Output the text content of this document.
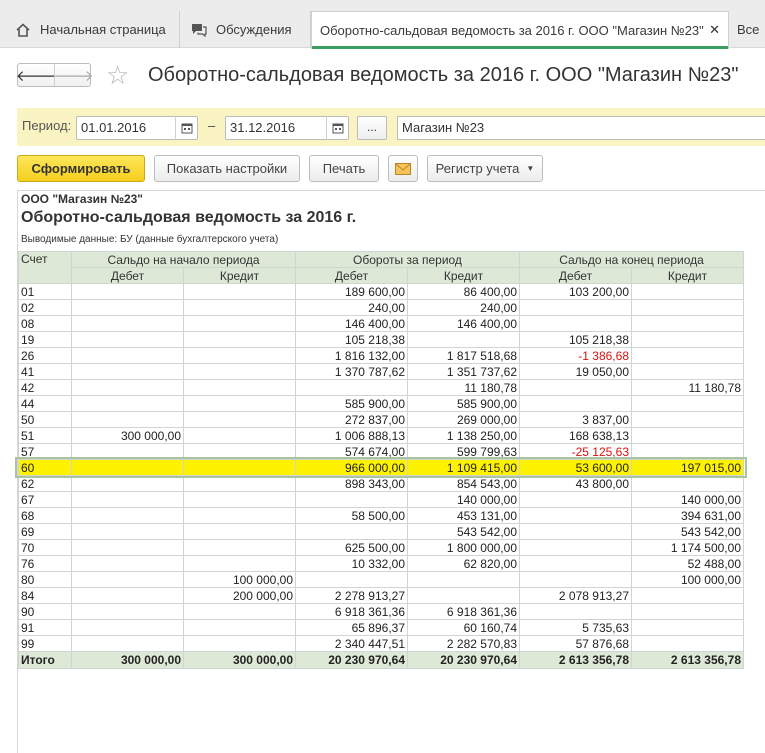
Начальная страница	Обсуждения Оборотно-сальдовая ведомость за 2016 г. ООО "Магазин №23" ✕ Все
🡐
🡒 ☆ Оборотно-сальдовая ведомость за 2016 г. ООО "Магазин №23"
Период: 01.01.2016	–	31.12.2016	...	Магазин №23
Сформировать	Показать настройки	Печать	Регистр учета ▼
ООО "Магазин №23"
Оборотно-сальдовая ведомость за 2016 г.
Выводимые данные: БУ (данные бухгалтерского учета)
Счет	Сальдо на начало периода		Обороты за период		Сальдо на конец периода	
	Дебет	Кредит	Дебет	Кредит	Дебет	Кредит
01			189 600,00	86 400,00	103 200,00	
02			240,00	240,00		
08			146 400,00	146 400,00		
19			105 218,38		105 218,38	
26			1 816 132,00	1 817 518,68	-1 386,68	
41			1 370 787,62	1 351 737,62	19 050,00	
42				11 180,78		11 180,78
44			585 900,00	585 900,00		
50			272 837,00	269 000,00	3 837,00	
51	300 000,00		1 006 888,13	1 138 250,00	168 638,13	
57			574 674,00	599 799,63	-25 125,63	
60			966 000,00	1 109 415,00	53 600,00	197 015,00
62			898 343,00	854 543,00	43 800,00	
67				140 000,00		140 000,00
68			58 500,00	453 131,00		394 631,00
69				543 542,00		543 542,00
70			625 500,00	1 800 000,00		1 174 500,00
76			10 332,00	62 820,00		52 488,00
80		100 000,00				100 000,00
84		200 000,00	2 278 913,27		2 078 913,27	
90			6 918 361,36	6 918 361,36		
91			65 896,37	60 160,74	5 735,63	
99			2 340 447,51	2 282 570,83	57 876,68	
Итого	300 000,00	300 000,00	20 230 970,64	20 230 970,64	2 613 356,78	2 613 356,78
